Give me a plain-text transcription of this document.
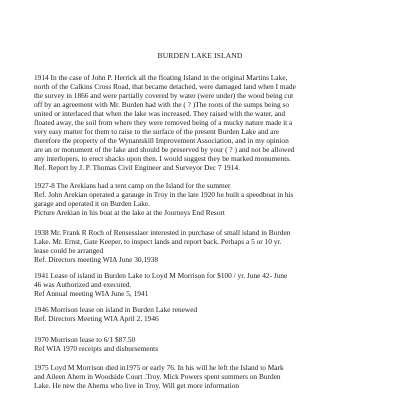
BURDEN LAKE ISLAND
1914 In the case of John P. Herrick all the floating Island in the original Martins Lake,
north of the Calkins Cross Road, that became detached, were damaged land when I made
the survey in 1866 and were partially covered by water (were under) the wood being cut
off by an agreement with Mr. Burden had with the ( ? )The roots of the sumps being so
united or interlaced that when the lake was increased. They raised with the water, and
floated away, the soil from where they were removed being of a mucky nature made it a
very easy matter for them to raise to the surface of the present Burden Lake and are
therefore the property of the Wynantskill Improvement Association, and in my opinion
are an or monument of the lake and should be preserved by your ( ? ) and not be allowed
any interlopers, to erect shacks upon then. I would suggest they be marked monuments.
Ref. Report by J. P. Thomas Civil Engineer and Surveyor Dec 7 1914.
1927-8 The Arekians had a tent camp on the Island for the summer
Ref. John Arekian operated a garauge in Troy in the late 1920 he built a speedboat in his
garage and operated it on Burden Lake.
Picture Arekian in his boat at the lake at the Journeys End Resort
1938 Mr. Frank R Roch of Rensesslaer interested in purchase of small island in Burden
Lake. Mr. Ernst, Gate Keeper, to inspect lands and report back. Perhaps a 5 or 10 yr.
lease could be arranged
Ref. Directors meeting WIA June 30,1938
1941 Lease of island in Burden Lake to Loyd M Morrison for $100 / yr. June 42- June
46 was Authorized and executed.
Ref Annual meeting WIA June 5, 1941
1946 Morrison lease on island in Burden Lake renewed
Ref. Directors Meeting WIA April 2, 1946
1970 Morrison lease to 6/1 $87.50
Ref WIA 1970 receipts and disbursements
1975 Loyd M Morrison died in1975 or early 76. In his will he left the Island to Mark
and Aileen Ahern in Woodside Court .Troy. Mick Powers spent summers on Burden
Lake. He new the Aherns who live in Troy. Will get more information
